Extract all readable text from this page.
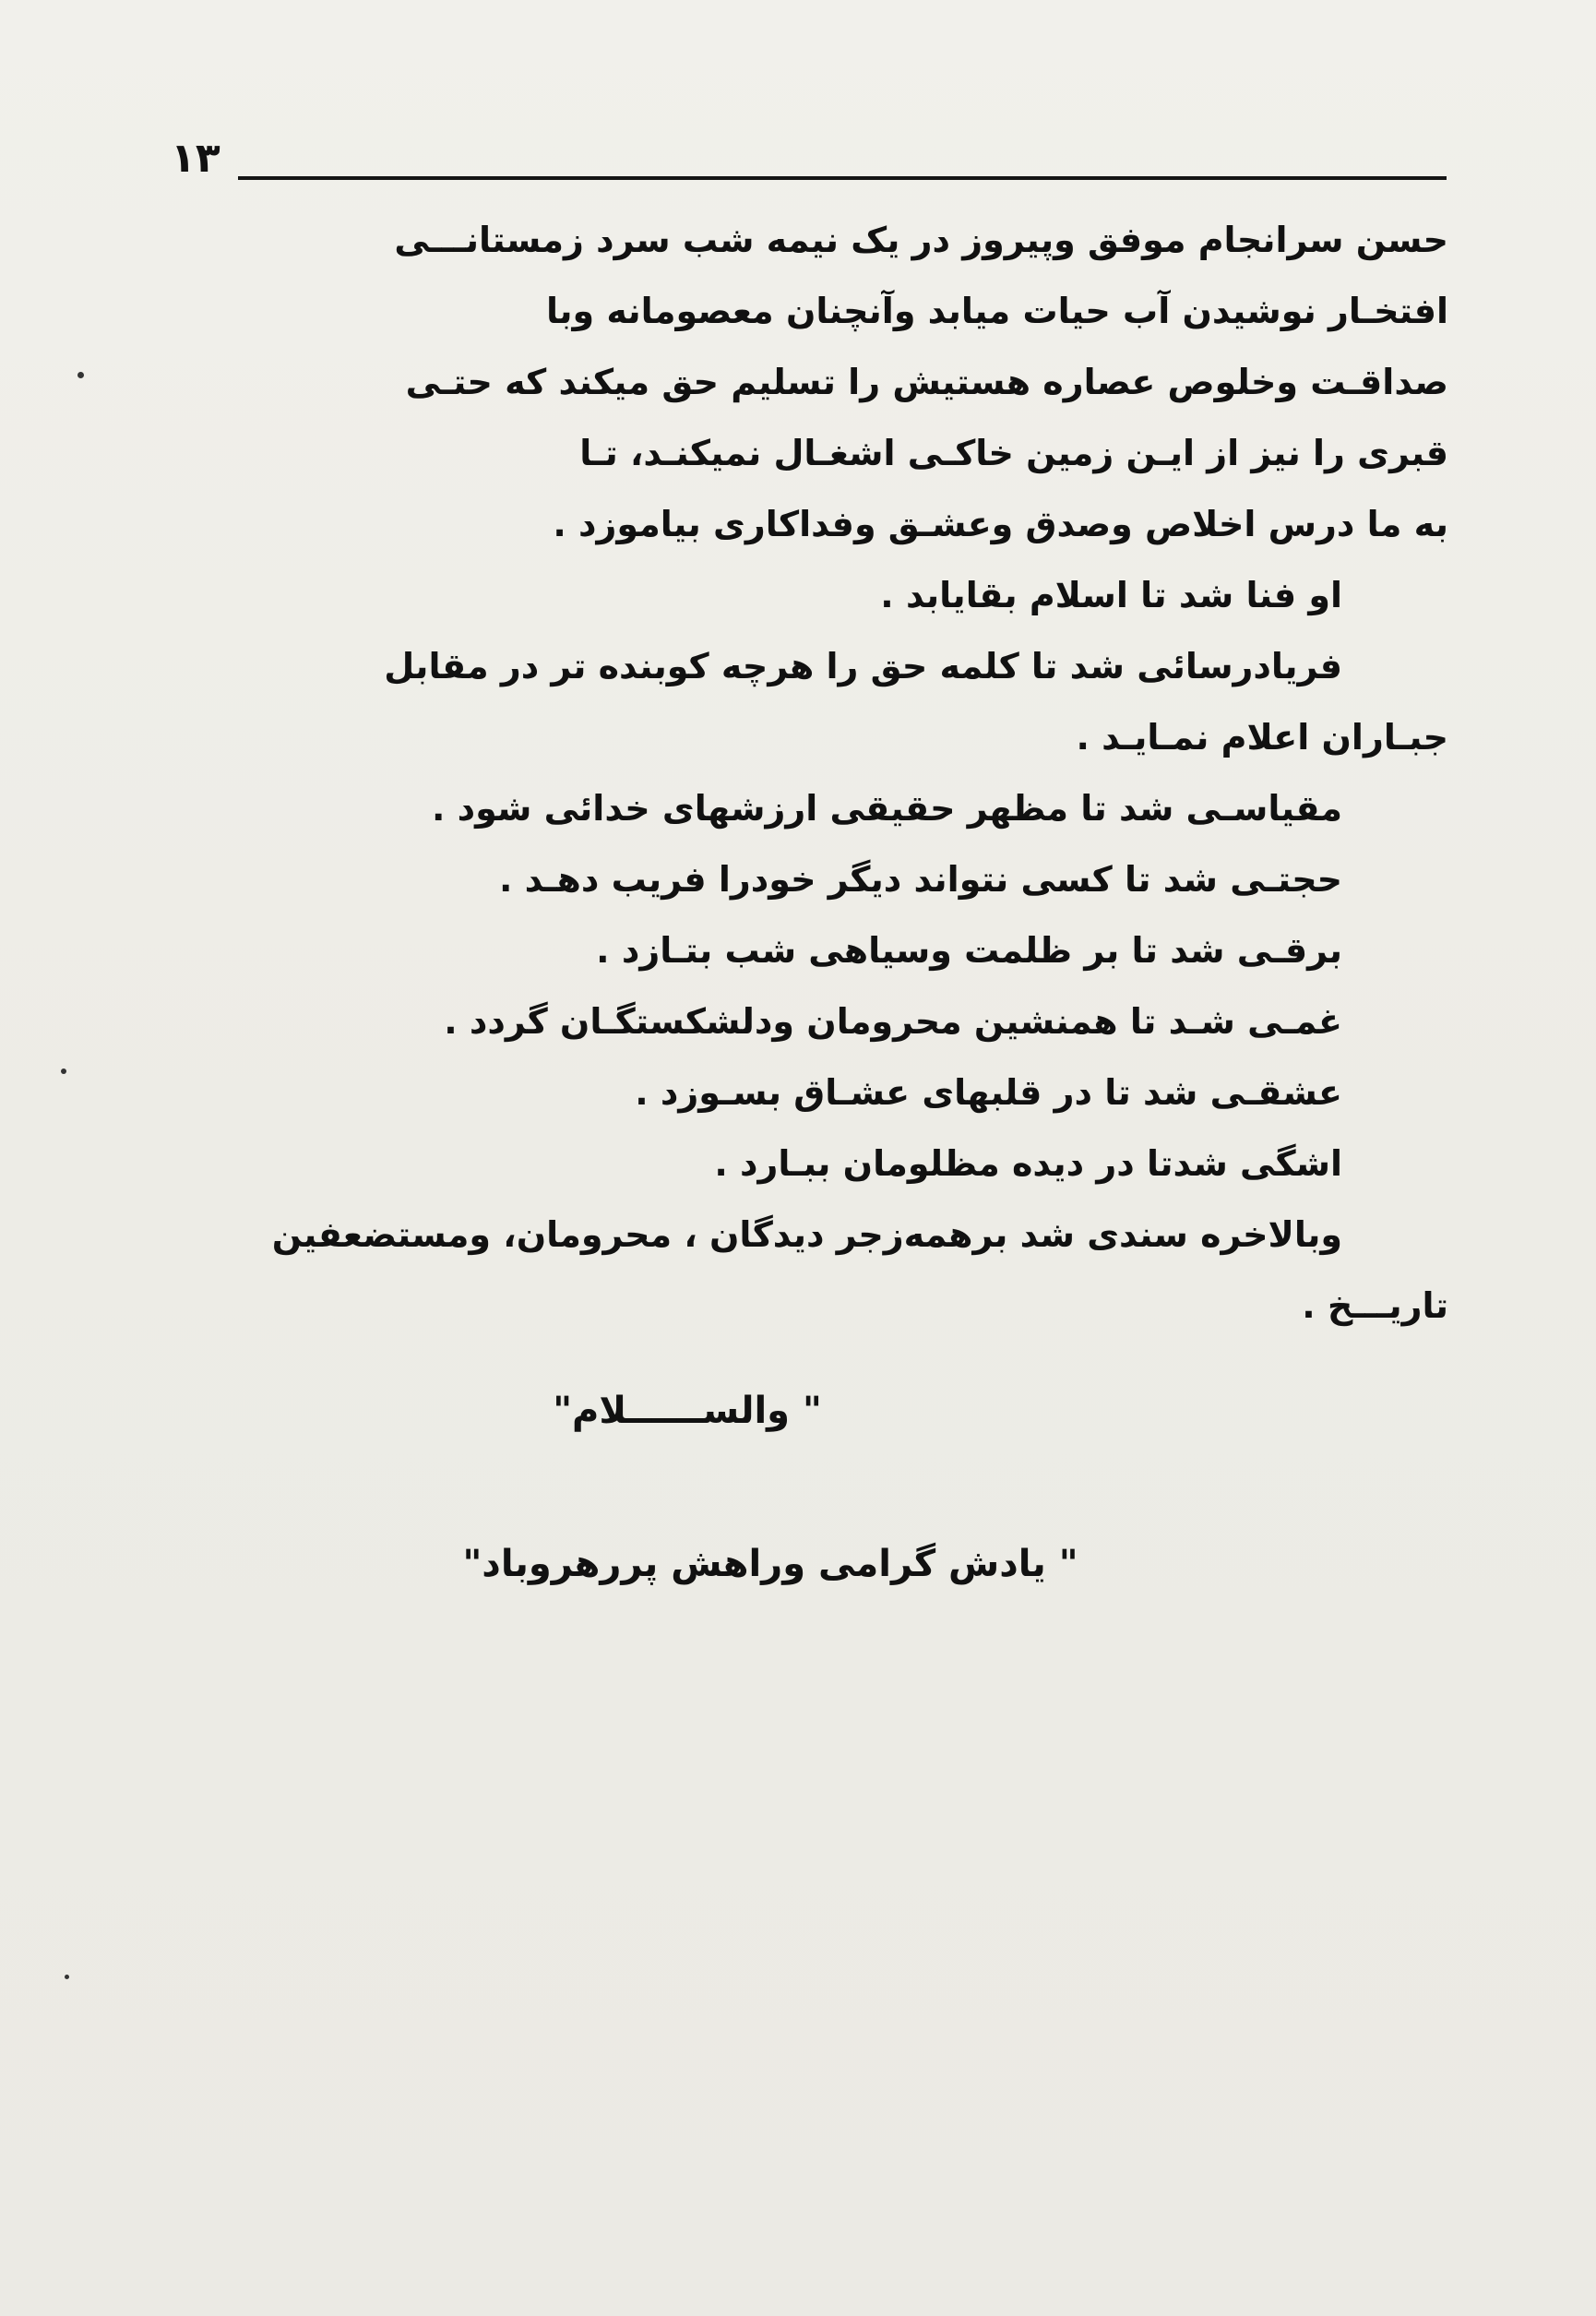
۱۳
حسن سرانجام موفق وپیروز در یک نیمه شب سرد زمستانـــی
افتخـار نوشیدن آب حیات میابد وآنچنان معصومانه وبا
صداقـت وخلوص عصاره هستیش را تسلیم حق میکند که حتـی
قبری را نیز از ایـن زمین خاکـی اشغـال نمیکنـد، تـا
به ما درس اخلاص وصدق وعشـق وفداکاری بیاموزد .
او فنا شد تا اسلام بقایابد .
فریادرسائی شد تا کلمه حق را هرچه کوبنده تر در مقابل
جبـاران اعلام نمـایـد .
مقیاسـی شد تا مظهر حقیقی ارزشهای خدائی شود .
حجتـی شد تا کسی نتواند دیگر خودرا فریب دهـد .
برقـی شد تا بر ظلمت وسیاهی شب بتـازد .
غمـی شـد تا همنشین محرومان ودلشکستگـان گردد .
عشقـی شد تا در قلبهای عشـاق بسـوزد .
اشگی شدتا در دیده مظلومان ببـارد .
وبالاخره سندی شد برهمه‌زجر دیدگان ، محرومان، ومستضعفین
تاریـــخ .
" والســــــلام"
" یادش گرامی وراهش پررهروباد"
